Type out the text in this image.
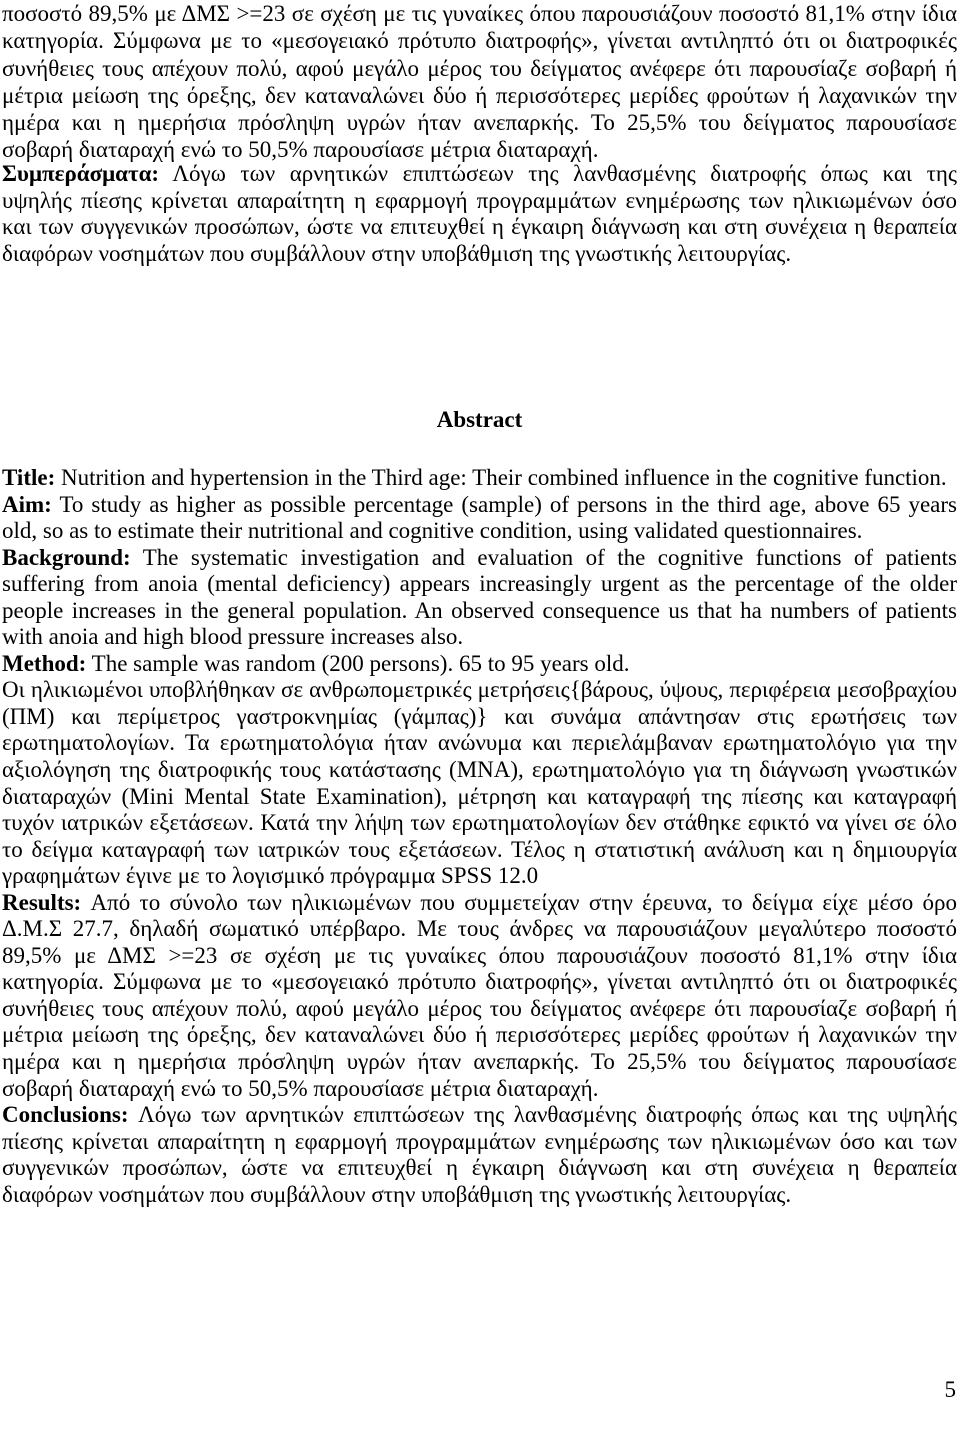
ποσοστό 89,5% με ΔΜΣ >=23 σε σχέση με τις γυναίκες όπου παρουσιάζουν ποσοστό 81,1% στην ίδια
κατηγορία. Σύμφωνα με το «μεσογειακό πρότυπο διατροφής», γίνεται αντιληπτό ότι οι διατροφικές
συνήθειες τους απέχουν πολύ, αφού μεγάλο μέρος του δείγματος ανέφερε ότι παρουσίαζε σοβαρή ή
μέτρια μείωση της όρεξης, δεν καταναλώνει δύο ή περισσότερες μερίδες φρούτων ή λαχανικών την
ημέρα και η ημερήσια πρόσληψη υγρών ήταν ανεπαρκής. Το 25,5% του δείγματος παρουσίασε
σοβαρή διαταραχή ενώ το 50,5% παρουσίασε μέτρια διαταραχή.
Συμπεράσματα: Λόγω των αρνητικών επιπτώσεων της λανθασμένης διατροφής όπως και της
υψηλής πίεσης κρίνεται απαραίτητη η εφαρμογή προγραμμάτων ενημέρωσης των ηλικιωμένων όσο
και των συγγενικών προσώπων, ώστε να επιτευχθεί η έγκαιρη διάγνωση και στη συνέχεια η θεραπεία
διαφόρων νοσημάτων που συμβάλλουν στην υποβάθμιση της γνωστικής λειτουργίας.
Abstract
Title: Nutrition and hypertension in the Third age: Their combined influence in the cognitive function.
Aim: To study as higher as possible percentage (sample) of persons in the third age, above 65 years
old, so as to estimate their nutritional and cognitive condition, using validated questionnaires.
Background: The systematic investigation and evaluation of the cognitive functions of patients
suffering from anoia (mental deficiency) appears increasingly urgent as the percentage of the older
people increases in the general population. An observed consequence us that ha numbers of patients
with anoia and high blood pressure increases also.
Method: The sample was random (200 persons). 65 to 95 years old.
Οι ηλικιωμένοι υποβλήθηκαν σε ανθρωπομετρικές μετρήσεις{βάρους, ύψους, περιφέρεια μεσοβραχίου
(ΠΜ) και περίμετρος γαστροκνημίας (γάμπας)} και συνάμα απάντησαν στις ερωτήσεις των
ερωτηματολογίων. Τα ερωτηματολόγια ήταν ανώνυμα και περιελάμβαναν ερωτηματολόγιο για την
αξιολόγηση της διατροφικής τους κατάστασης (MNA), ερωτηματολόγιο για τη διάγνωση γνωστικών
διαταραχών (Mini Mental State Examination), μέτρηση και καταγραφή της πίεσης και καταγραφή
τυχόν ιατρικών εξετάσεων. Κατά την λήψη των ερωτηματολογίων δεν στάθηκε εφικτό να γίνει σε όλο
το δείγμα καταγραφή των ιατρικών τους εξετάσεων. Τέλος η στατιστική ανάλυση και η δημιουργία
γραφημάτων έγινε με το λογισμικό πρόγραμμα SPSS 12.0
Results: Από το σύνολο των ηλικιωμένων που συμμετείχαν στην έρευνα, το δείγμα είχε μέσο όρο
Δ.Μ.Σ 27.7, δηλαδή σωματικό υπέρβαρο. Με τους άνδρες να παρουσιάζουν μεγαλύτερο ποσοστό
89,5% με ΔΜΣ >=23 σε σχέση με τις γυναίκες όπου παρουσιάζουν ποσοστό 81,1% στην ίδια
κατηγορία. Σύμφωνα με το «μεσογειακό πρότυπο διατροφής», γίνεται αντιληπτό ότι οι διατροφικές
συνήθειες τους απέχουν πολύ, αφού μεγάλο μέρος του δείγματος ανέφερε ότι παρουσίαζε σοβαρή ή
μέτρια μείωση της όρεξης, δεν καταναλώνει δύο ή περισσότερες μερίδες φρούτων ή λαχανικών την
ημέρα και η ημερήσια πρόσληψη υγρών ήταν ανεπαρκής. Το 25,5% του δείγματος παρουσίασε
σοβαρή διαταραχή ενώ το 50,5% παρουσίασε μέτρια διαταραχή.
Conclusions: Λόγω των αρνητικών επιπτώσεων της λανθασμένης διατροφής όπως και της υψηλής
πίεσης κρίνεται απαραίτητη η εφαρμογή προγραμμάτων ενημέρωσης των ηλικιωμένων όσο και των
συγγενικών προσώπων, ώστε να επιτευχθεί η έγκαιρη διάγνωση και στη συνέχεια η θεραπεία
διαφόρων νοσημάτων που συμβάλλουν στην υποβάθμιση της γνωστικής λειτουργίας.
5
